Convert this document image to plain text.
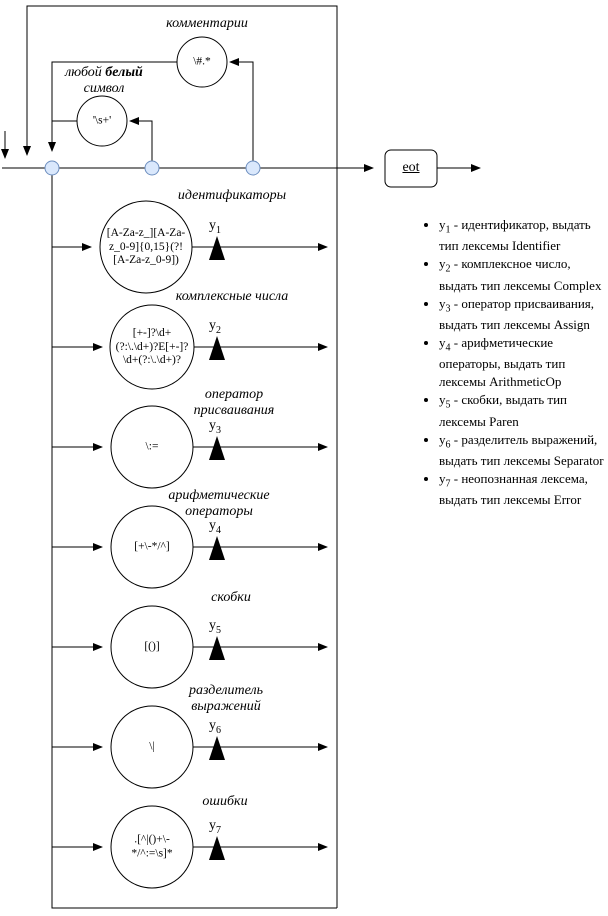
комментарии
любой белый
символ
\#.*
'\s+'
eot
идентификаторы
[A-Za-z_][A-Za-
z_0-9]{0,15}(?!
[A-Za-z_0-9])
$y_1$
комплексные числа
[+-]?\d+
(?:\.\d+)?E[+-]?
\d+(?:\.\d+)?
$y_2$
оператор
присваивания
\:=
$y_3$
арифметические
операторы
[+\-*/^]
$y_4$
скобки
[()]
$y_5$
разделитель
выражений
\|
$y_6$
ошибки
.[^|()+\-
*/^:=\s]*
$y_7$
• $y_1$ - идентификатор, выдать тип лексемы Identifier
• $y_2$ - комплексное число, выдать тип лексемы Complex
• $y_3$ - оператор присваивания, выдать тип лексемы Assign
• $y_4$ - арифметические операторы, выдать тип лексемы ArithmeticOp
• $y_5$ - скобки, выдать тип лексемы Paren
• $y_6$ - разделитель выражений, выдать тип лексемы Separator
• $y_7$ - неопознанная лексема, выдать тип лексемы Error
